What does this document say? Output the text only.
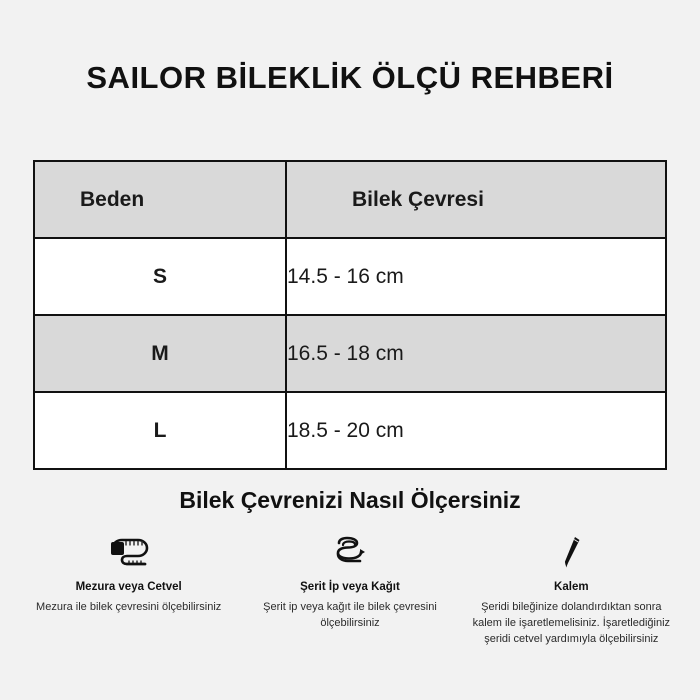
SAILOR BİLEKLİK ÖLÇÜ REHBERİ
Beden	Bilek Çevresi
S	14.5 - 16 cm
M	16.5 - 18 cm
L	18.5 - 20 cm
Bilek Çevrenizi Nasıl Ölçersiniz
Mezura veya Cetvel
Mezura ile bilek çevresini ölçebilirsiniz
Şerit İp veya Kağıt
Şerit ip veya kağıt ile bilek çevresini ölçebilirsiniz
Kalem
Şeridi bileğinize dolandırdıktan sonra kalem ile işaretlemelisiniz. İşaretlediğiniz şeridi cetvel yardımıyla ölçebilirsiniz
